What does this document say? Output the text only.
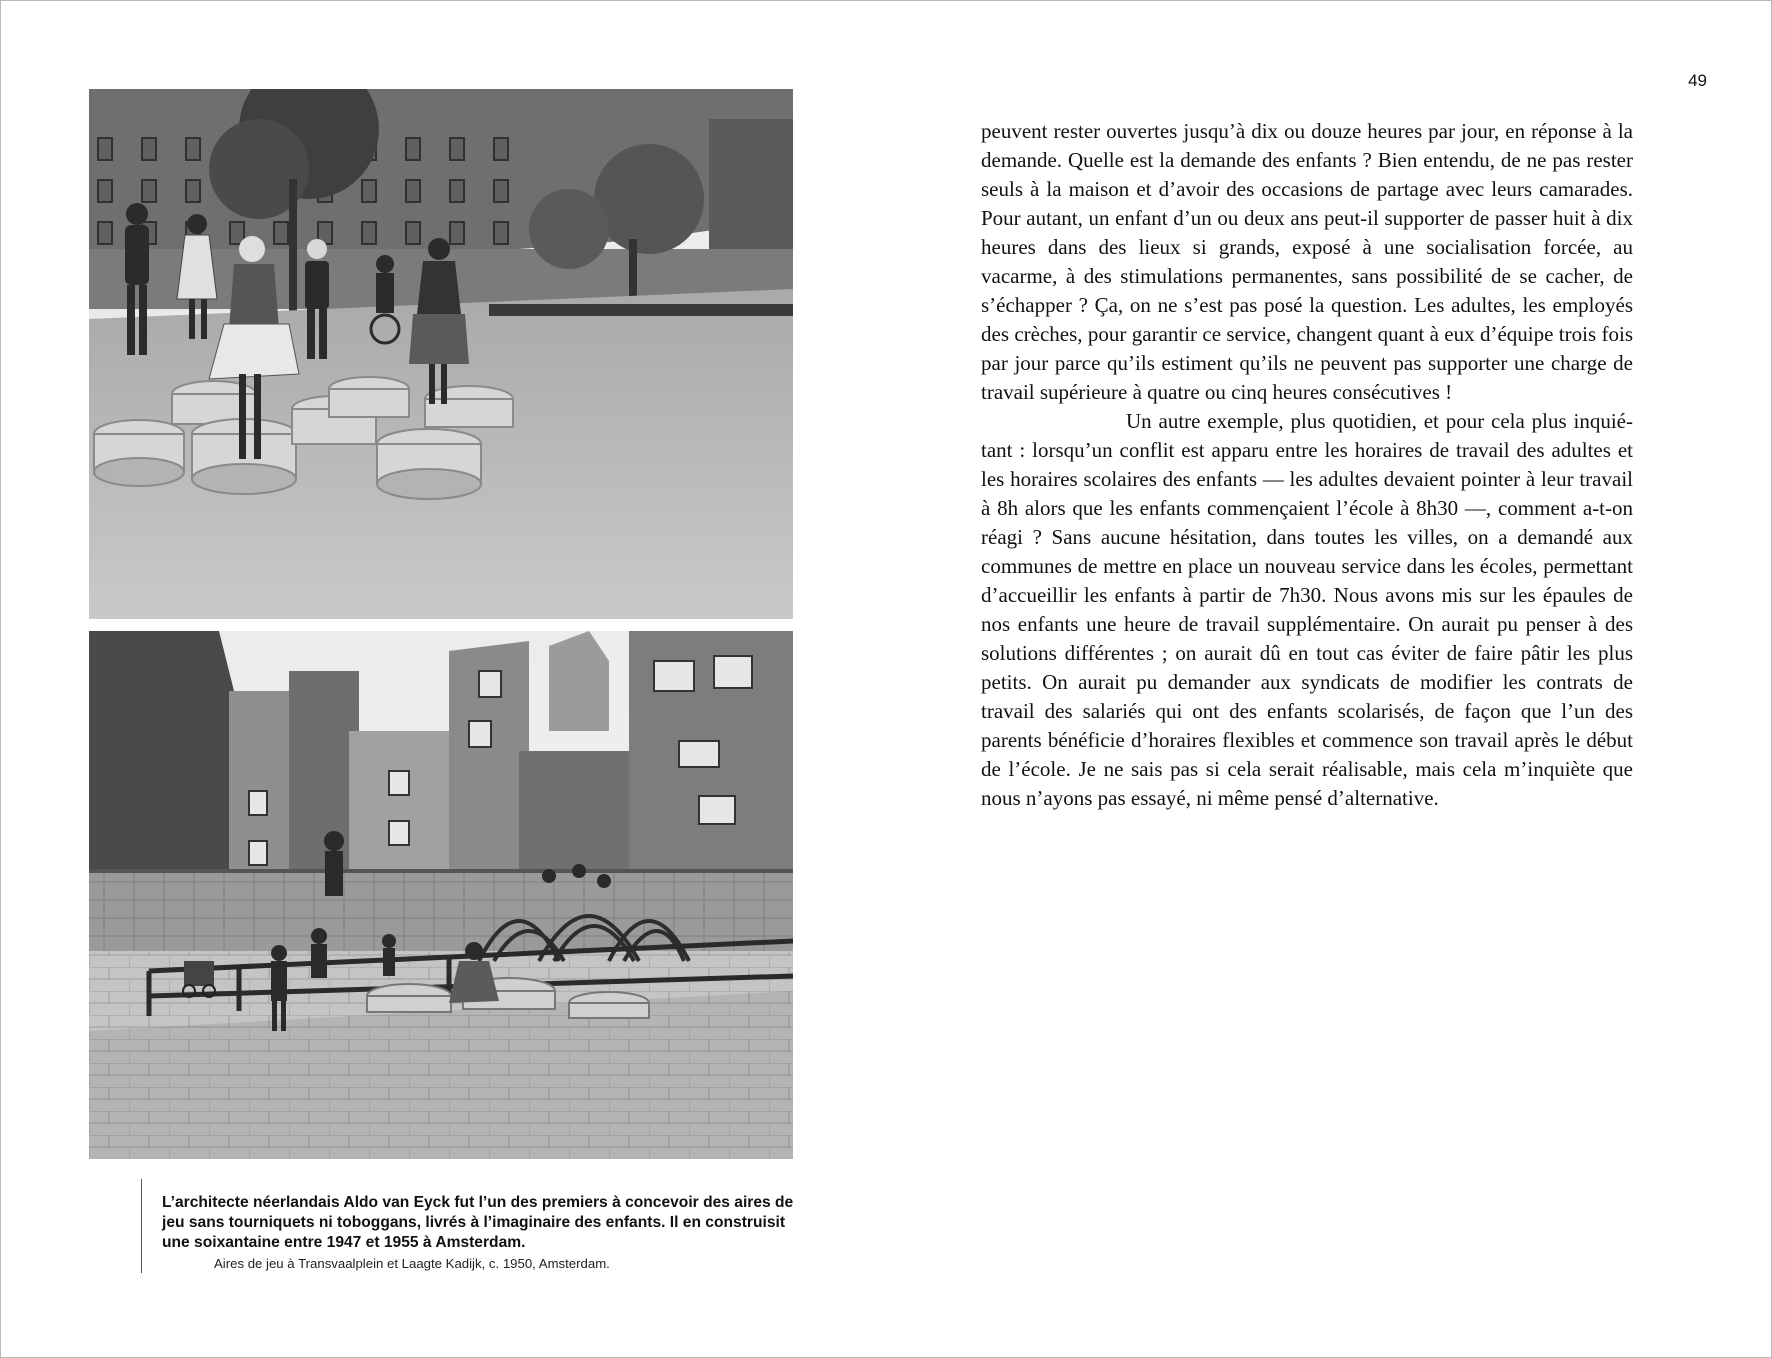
49

L’architecte néerlandais Aldo van Eyck fut l’un des premiers à concevoir des aires de jeu sans tourniquets ni toboggans, livrés à l’imaginaire des enfants. Il en construisit une soixantaine entre 1947 et 1955 à Amsterdam.

Aires de jeu à Transvaalplein et Laagte Kadijk, c. 1950, Amsterdam.

peuvent rester ouvertes jusqu’à dix ou douze heures par jour, en réponse à la demande. Quelle est la demande des enfants ? Bien entendu, de ne pas rester seuls à la maison et d’avoir des occasions de partage avec leurs camarades. Pour autant, un enfant d’un ou deux ans peut-il supporter de passer huit à dix heures dans des lieux si grands, exposé à une socialisation forcée, au vacarme, à des stimulations permanentes, sans possibilité de se cacher, de s’échapper ? Ça, on ne s’est pas posé la question. Les adultes, les employés des crèches, pour garantir ce service, changent quant à eux d’équipe trois fois par jour parce qu’ils estiment qu’ils ne peuvent pas supporter une charge de travail supérieure à quatre ou cinq heures consécutives !

Un autre exemple, plus quotidien, et pour cela plus inquiétant : lorsqu’un conflit est apparu entre les horaires de travail des adultes et les horaires scolaires des enfants — les adultes devaient pointer à leur travail à 8h alors que les enfants commençaient l’école à 8h30 —, comment a-t-on réagi ? Sans aucune hésitation, dans toutes les villes, on a demandé aux communes de mettre en place un nouveau service dans les écoles, permettant d’accueillir les enfants à partir de 7h30. Nous avons mis sur les épaules de nos enfants une heure de travail supplémentaire. On aurait pu penser à des solutions différentes ; on aurait dû en tout cas éviter de faire pâtir les plus petits. On aurait pu demander aux syndicats de modifier les contrats de travail des salariés qui ont des enfants scolarisés, de façon que l’un des parents bénéficie d’horaires flexibles et commence son travail après le début de l’école. Je ne sais pas si cela serait réalisable, mais cela m’inquiète que nous n’ayons pas essayé, ni même pensé d’alternative.
